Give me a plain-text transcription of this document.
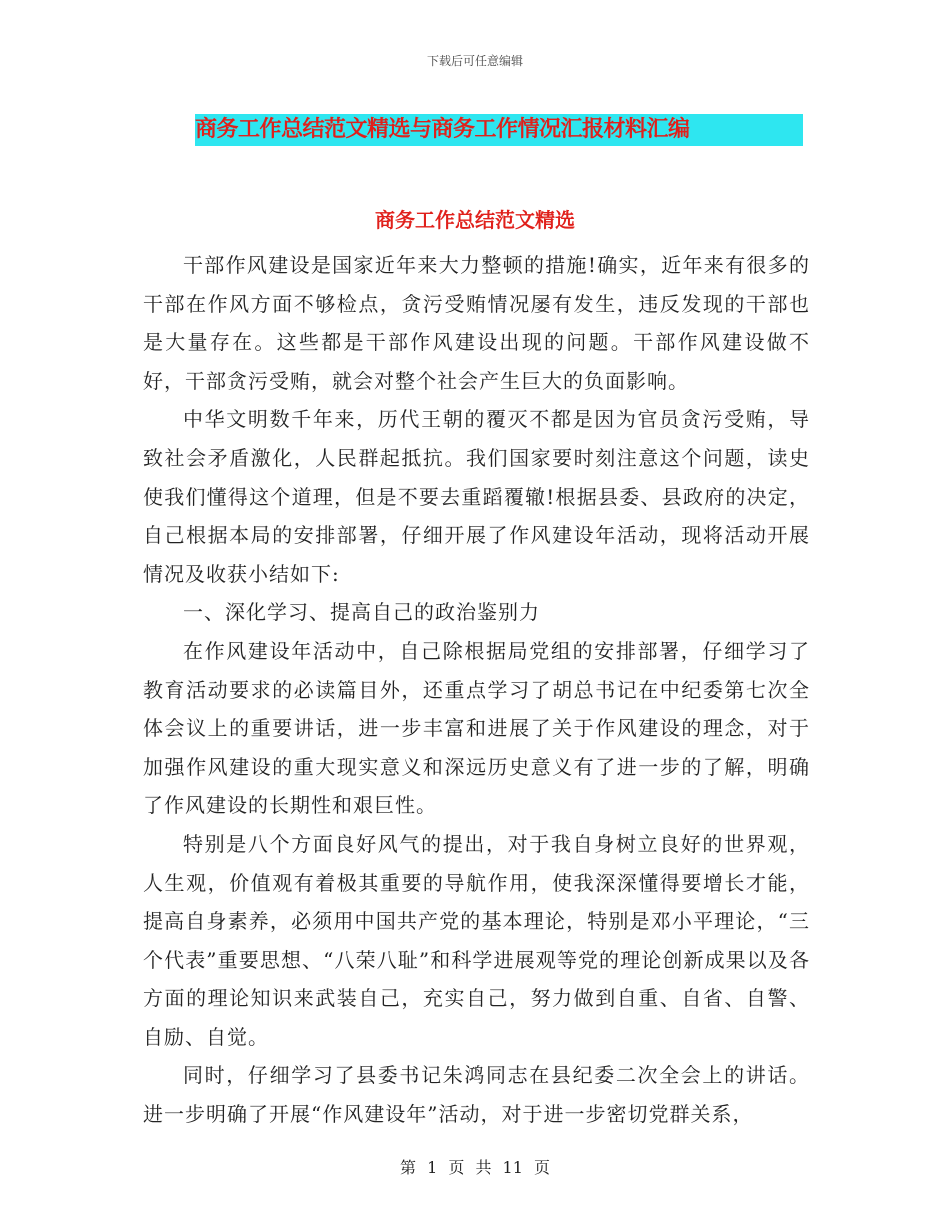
下载后可任意编辑
商务工作总结范文精选与商务工作情况汇报材料汇编
商务工作总结范文精选

干部作风建设是国家近年来大力整顿的措施!确实，近年来有很多的干部在作风方面不够检点，贪污受贿情况屡有发生，违反发现的干部也是大量存在。这些都是干部作风建设出现的问题。干部作风建设做不好，干部贪污受贿，就会对整个社会产生巨大的负面影响。

中华文明数千年来，历代王朝的覆灭不都是因为官员贪污受贿，导致社会矛盾激化，人民群起抵抗。我们国家要时刻注意这个问题，读史使我们懂得这个道理，但是不要去重蹈覆辙!根据县委、县政府的决定，自己根据本局的安排部署，仔细开展了作风建设年活动，现将活动开展情况及收获小结如下:

一、深化学习、提高自己的政治鉴别力

在作风建设年活动中，自己除根据局党组的安排部署，仔细学习了教育活动要求的必读篇目外，还重点学习了胡总书记在中纪委第七次全体会议上的重要讲话，进一步丰富和进展了关于作风建设的理念，对于加强作风建设的重大现实意义和深远历史意义有了进一步的了解，明确了作风建设的长期性和艰巨性。

特别是八个方面良好风气的提出，对于我自身树立良好的世界观，人生观，价值观有着极其重要的导航作用，使我深深懂得要增长才能，提高自身素养，必须用中国共产党的基本理论，特别是邓小平理论，“三个代表”重要思想、“八荣八耻”和科学进展观等党的理论创新成果以及各方面的理论知识来武装自己，充实自己，努力做到自重、自省、自警、自励、自觉。

同时，仔细学习了县委书记朱鸿同志在县纪委二次全会上的讲话。进一步明确了开展“作风建设年”活动，对于进一步密切党群关系，

第 1 页 共 11 页
